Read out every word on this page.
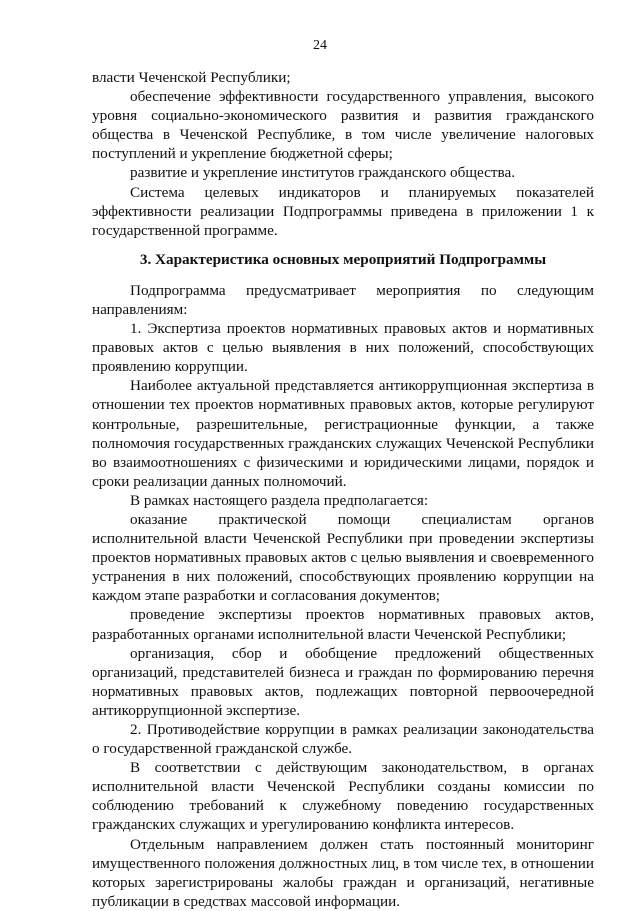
24

власти Чеченской Республики;

обеспечение эффективности государственного управления, высокого уровня социально-экономического развития и развития гражданского общества в Чеченской Республике, в том числе увеличение налоговых поступлений и укрепление бюджетной сферы;

развитие и укрепление институтов гражданского общества.

Система целевых индикаторов и планируемых показателей эффективности реализации Подпрограммы приведена в приложении 1 к государственной программе.

3. Характеристика основных мероприятий Подпрограммы

Подпрограмма предусматривает мероприятия по следующим направлениям:

1. Экспертиза проектов нормативных правовых актов и нормативных правовых актов с целью выявления в них положений, способствующих проявлению коррупции.

Наиболее актуальной представляется антикоррупционная экспертиза в отношении тех проектов нормативных правовых актов, которые регулируют контрольные, разрешительные, регистрационные функции, а также полномочия государственных гражданских служащих Чеченской Республики во взаимоотношениях с физическими и юридическими лицами, порядок и сроки реализации данных полномочий.

В рамках настоящего раздела предполагается:

оказание практической помощи специалистам органов исполнительной власти Чеченской Республики при проведении экспертизы проектов нормативных правовых актов с целью выявления и своевременного устранения в них положений, способствующих проявлению коррупции на каждом этапе разработки и согласования документов;

проведение экспертизы проектов нормативных правовых актов, разработанных органами исполнительной власти Чеченской Республики;

организация, сбор и обобщение предложений общественных организаций, представителей бизнеса и граждан по формированию перечня нормативных правовых актов, подлежащих повторной первоочередной антикоррупционной экспертизе.

2. Противодействие коррупции в рамках реализации законодательства о государственной гражданской службе.

В соответствии с действующим законодательством, в органах исполнительной власти Чеченской Республики созданы комиссии по соблюдению требований к служебному поведению государственных гражданских служащих и урегулированию конфликта интересов.

Отдельным направлением должен стать постоянный мониторинг имущественного положения должностных лиц, в том числе тех, в отношении которых зарегистрированы жалобы граждан и организаций, негативные публикации в средствах массовой информации.
